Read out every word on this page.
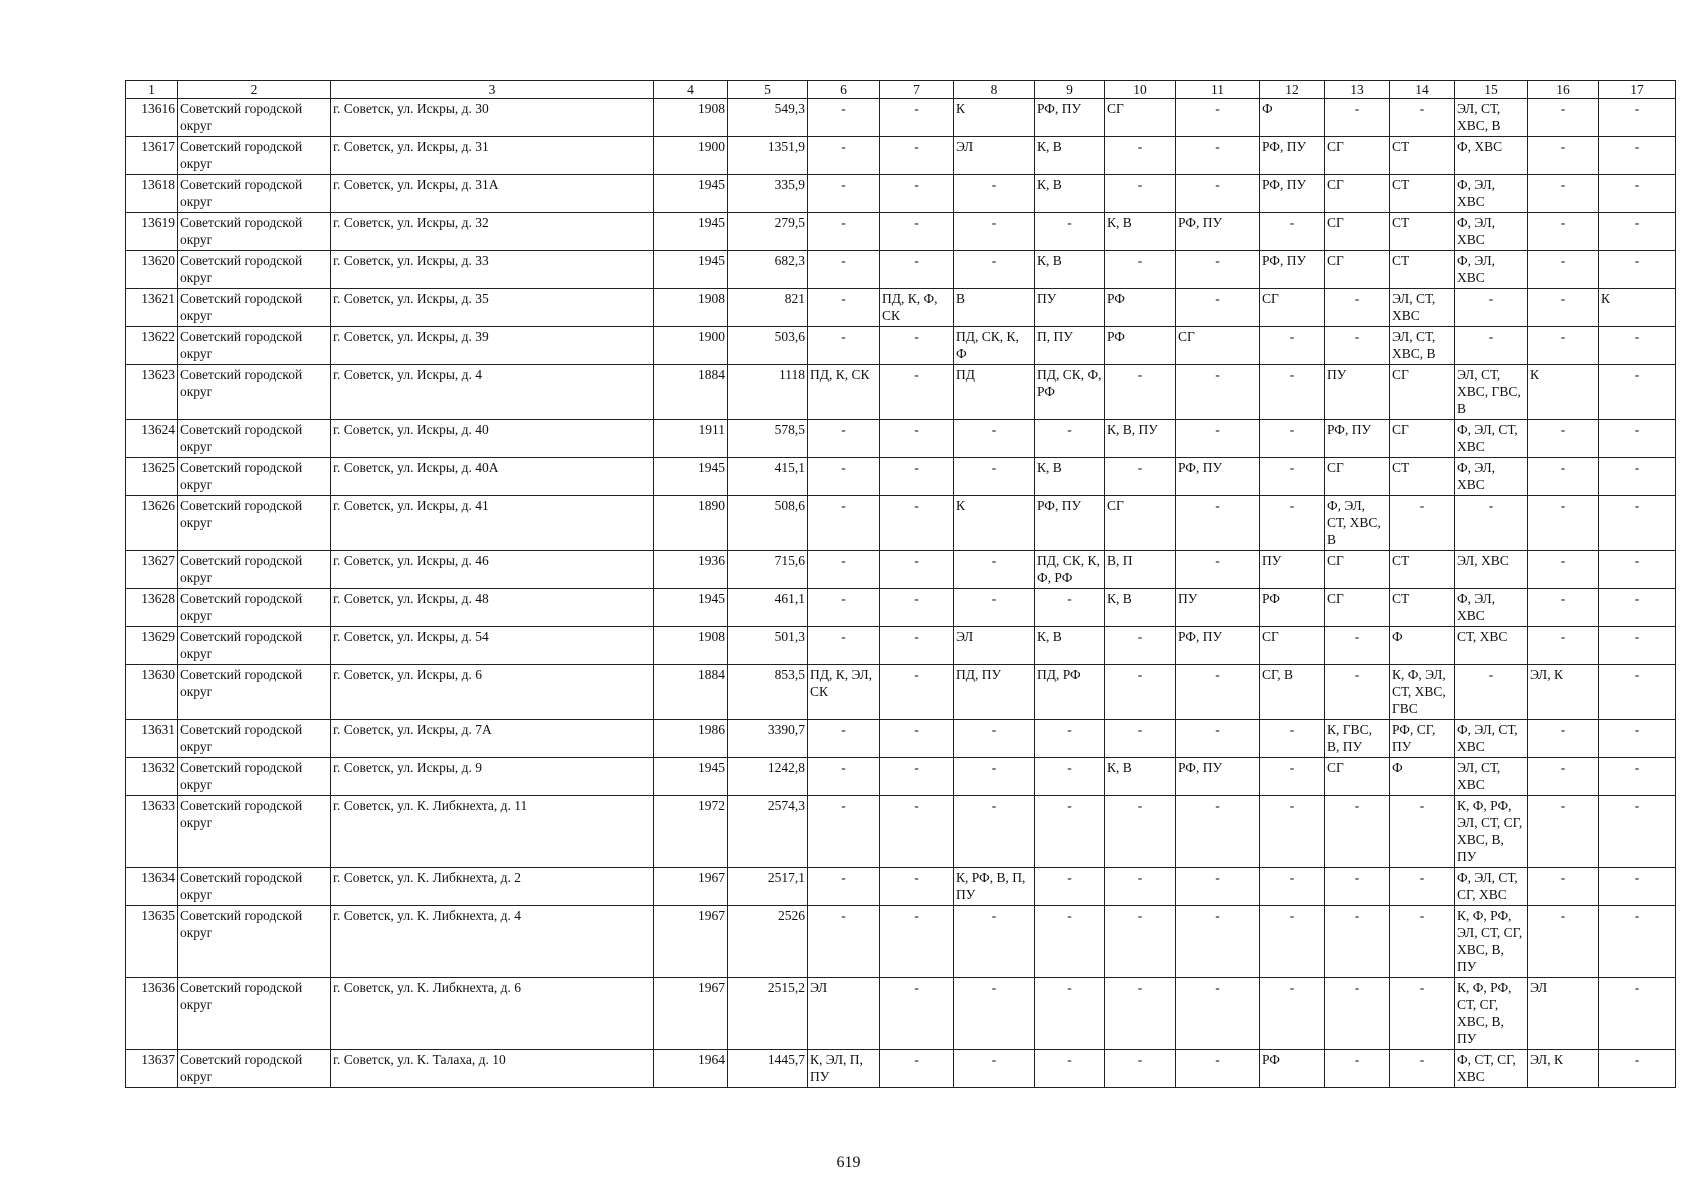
1	2	3	4	5	6	7	8	9	10	11	12	13	14	15	16	17
13616	Советский городской округ	г. Советск, ул. Искры, д. 30	1908	549,3	-	-	К	РФ, ПУ	СГ	-	Ф	-	-	ЭЛ, СТ, ХВС, В	-	-
13617	Советский городской округ	г. Советск, ул. Искры, д. 31	1900	1351,9	-	-	ЭЛ	К, В	-	-	РФ, ПУ	СГ	СТ	Ф, ХВС	-	-
13618	Советский городской округ	г. Советск, ул. Искры, д. 31А	1945	335,9	-	-	-	К, В	-	-	РФ, ПУ	СГ	СТ	Ф, ЭЛ, ХВС	-	-
13619	Советский городской округ	г. Советск, ул. Искры, д. 32	1945	279,5	-	-	-	-	К, В	РФ, ПУ	-	СГ	СТ	Ф, ЭЛ, ХВС	-	-
13620	Советский городской округ	г. Советск, ул. Искры, д. 33	1945	682,3	-	-	-	К, В	-	-	РФ, ПУ	СГ	СТ	Ф, ЭЛ, ХВС	-	-
13621	Советский городской округ	г. Советск, ул. Искры, д. 35	1908	821	-	ПД, К, Ф, СК	В	ПУ	РФ	-	СГ	-	ЭЛ, СТ, ХВС	-	-	К
13622	Советский городской округ	г. Советск, ул. Искры, д. 39	1900	503,6	-	-	ПД, СК, К, Ф	П, ПУ	РФ	СГ	-	-	ЭЛ, СТ, ХВС, В	-	-	-
13623	Советский городской округ	г. Советск, ул. Искры, д. 4	1884	1118	ПД, К, СК	-	ПД	ПД, СК, Ф, РФ	-	-	-	ПУ	СГ	ЭЛ, СТ, ХВС, ГВС, В	К	-
13624	Советский городской округ	г. Советск, ул. Искры, д. 40	1911	578,5	-	-	-	-	К, В, ПУ	-	-	РФ, ПУ	СГ	Ф, ЭЛ, СТ, ХВС	-	-
13625	Советский городской округ	г. Советск, ул. Искры, д. 40А	1945	415,1	-	-	-	К, В	-	РФ, ПУ	-	СГ	СТ	Ф, ЭЛ, ХВС	-	-
13626	Советский городской округ	г. Советск, ул. Искры, д. 41	1890	508,6	-	-	К	РФ, ПУ	СГ	-	-	Ф, ЭЛ, СТ, ХВС, В	-	-	-	-
13627	Советский городской округ	г. Советск, ул. Искры, д. 46	1936	715,6	-	-	-	ПД, СК, К, Ф, РФ	В, П	-	ПУ	СГ	СТ	ЭЛ, ХВС	-	-
13628	Советский городской округ	г. Советск, ул. Искры, д. 48	1945	461,1	-	-	-	-	К, В	ПУ	РФ	СГ	СТ	Ф, ЭЛ, ХВС	-	-
13629	Советский городской округ	г. Советск, ул. Искры, д. 54	1908	501,3	-	-	ЭЛ	К, В	-	РФ, ПУ	СГ	-	Ф	СТ, ХВС	-	-
13630	Советский городской округ	г. Советск, ул. Искры, д. 6	1884	853,5	ПД, К, ЭЛ, СК	-	ПД, ПУ	ПД, РФ	-	-	СГ, В	-	К, Ф, ЭЛ, СТ, ХВС, ГВС	-	ЭЛ, К	-
13631	Советский городской округ	г. Советск, ул. Искры, д. 7А	1986	3390,7	-	-	-	-	-	-	-	К, ГВС, В, ПУ	РФ, СГ, ПУ	Ф, ЭЛ, СТ, ХВС	-	-
13632	Советский городской округ	г. Советск, ул. Искры, д. 9	1945	1242,8	-	-	-	-	К, В	РФ, ПУ	-	СГ	Ф	ЭЛ, СТ, ХВС	-	-
13633	Советский городской округ	г. Советск, ул. К. Либкнехта, д. 11	1972	2574,3	-	-	-	-	-	-	-	-	-	К, Ф, РФ, ЭЛ, СТ, СГ, ХВС, В, ПУ	-	-
13634	Советский городской округ	г. Советск, ул. К. Либкнехта, д. 2	1967	2517,1	-	-	К, РФ, В, П, ПУ	-	-	-	-	-	-	Ф, ЭЛ, СТ, СГ, ХВС	-	-
13635	Советский городской округ	г. Советск, ул. К. Либкнехта, д. 4	1967	2526	-	-	-	-	-	-	-	-	-	К, Ф, РФ, ЭЛ, СТ, СГ, ХВС, В, ПУ	-	-
13636	Советский городской округ	г. Советск, ул. К. Либкнехта, д. 6	1967	2515,2	ЭЛ	-	-	-	-	-	-	-	-	К, Ф, РФ, СТ, СГ, ХВС, В, ПУ	ЭЛ	-
13637	Советский городской округ	г. Советск, ул. К. Талаха, д. 10	1964	1445,7	К, ЭЛ, П, ПУ	-	-	-	-	-	РФ	-	-	Ф, СТ, СГ, ХВС	ЭЛ, К	-
619
